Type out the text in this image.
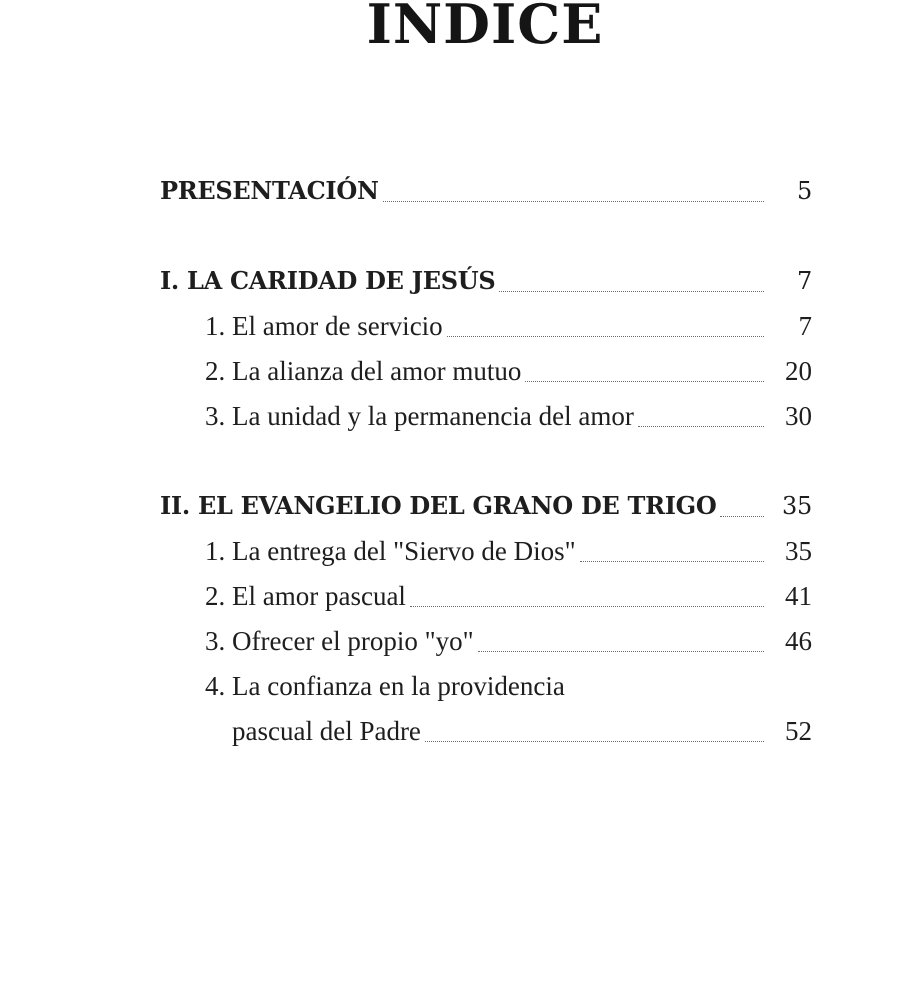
INDICE
PRESENTACIÓN	5
I. LA CARIDAD DE JESÚS	7
1. El amor de servicio	7
2. La alianza del amor mutuo	20
3. La unidad y la permanencia del amor	30
II. EL EVANGELIO DEL GRANO DE TRIGO	35
1. La entrega del "Siervo de Dios"	35
2. El amor pascual	41
3. Ofrecer el propio "yo"	46
4. La confianza en la providencia
pascual del Padre	52
